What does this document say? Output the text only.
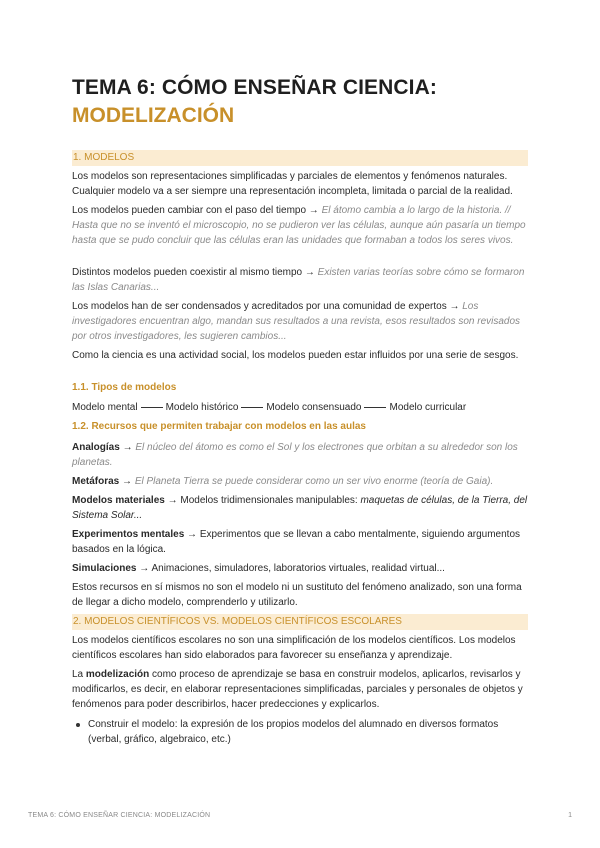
TEMA 6: CÓMO ENSEÑAR CIENCIA:
MODELIZACIÓN
1. MODELOS
Los modelos son representaciones simplificadas y parciales de elementos y fenómenos naturales. Cualquier modelo va a ser siempre una representación incompleta, limitada o parcial de la realidad.
Los modelos pueden cambiar con el paso del tiempo → El átomo cambia a lo largo de la historia. // Hasta que no se inventó el microscopio, no se pudieron ver las células, aunque aún pasaría un tiempo hasta que se pudo concluir que las células eran las unidades que formaban a todos los seres vivos.
Distintos modelos pueden coexistir al mismo tiempo → Existen varias teorías sobre cómo se formaron las Islas Canarias...
Los modelos han de ser condensados y acreditados por una comunidad de expertos → Los investigadores encuentran algo, mandan sus resultados a una revista, esos resultados son revisados por otros investigadores, les sugieren cambios...
Como la ciencia es una actividad social, los modelos pueden estar influidos por una serie de sesgos.
1.1. Tipos de modelos
Modelo mental	Modelo histórico	Modelo consensuado	Modelo curricular
1.2. Recursos que permiten trabajar con modelos en las aulas
Analogías → El núcleo del átomo es como el Sol y los electrones que orbitan a su alrededor son los planetas.
Metáforas → El Planeta Tierra se puede considerar como un ser vivo enorme (teoría de Gaia).
Modelos materiales → Modelos tridimensionales manipulables: maquetas de células, de la Tierra, del Sistema Solar...
Experimentos mentales → Experimentos que se llevan a cabo mentalmente, siguiendo argumentos basados en la lógica.
Simulaciones → Animaciones, simuladores, laboratorios virtuales, realidad virtual...
Estos recursos en sí mismos no son el modelo ni un sustituto del fenómeno analizado, son una forma de llegar a dicho modelo, comprenderlo y utilizarlo.
2. MODELOS CIENTÍFICOS VS. MODELOS CIENTÍFICOS ESCOLARES
Los modelos científicos escolares no son una simplificación de los modelos científicos. Los modelos científicos escolares han sido elaborados para favorecer su enseñanza y aprendizaje.
La modelización como proceso de aprendizaje se basa en construir modelos, aplicarlos, revisarlos y modificarlos, es decir, en elaborar representaciones simplificadas, parciales y personales de objetos y fenómenos para poder describirlos, hacer predecciones y explicarlos.
Construir el modelo: la expresión de los propios modelos del alumnado en diversos formatos (verbal, gráfico, algebraico, etc.)
TEMA 6: CÓMO ENSEÑAR CIENCIA: MODELIZACIÓN	1
